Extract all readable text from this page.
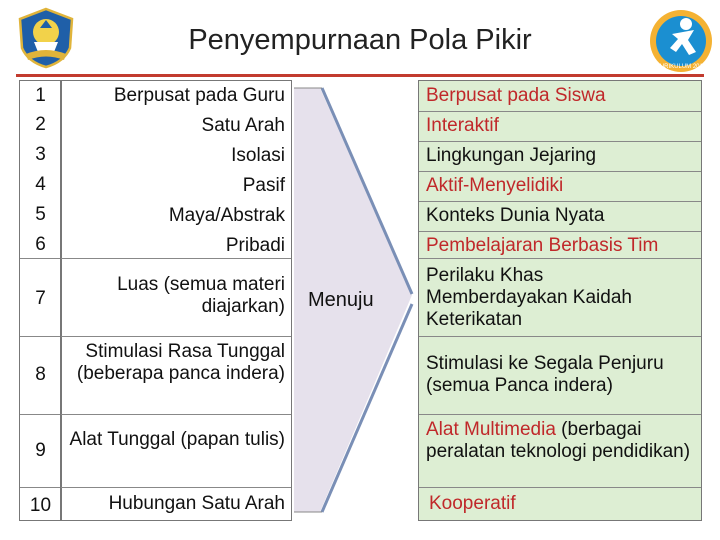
Penyempurnaan Pola Pikir
KURIKULUM 2013
1
2
3
4
5
6
7
8
9
10
Berpusat pada Guru
Satu Arah
Isolasi
Pasif
Maya/Abstrak
Pribadi
Luas (semua materi diajarkan)
Stimulasi Rasa Tunggal (beberapa panca indera)
Alat Tunggal (papan tulis)
Hubungan Satu Arah
Menuju
Berpusat pada Siswa
Interaktif
Lingkungan Jejaring
Aktif-Menyelidiki
Konteks Dunia Nyata
Pembelajaran Berbasis Tim
Perilaku Khas Memberdayakan Kaidah Keterikatan
Stimulasi ke Segala Penjuru (semua Panca indera)
Alat Multimedia (berbagai peralatan teknologi pendidikan)
Kooperatif
